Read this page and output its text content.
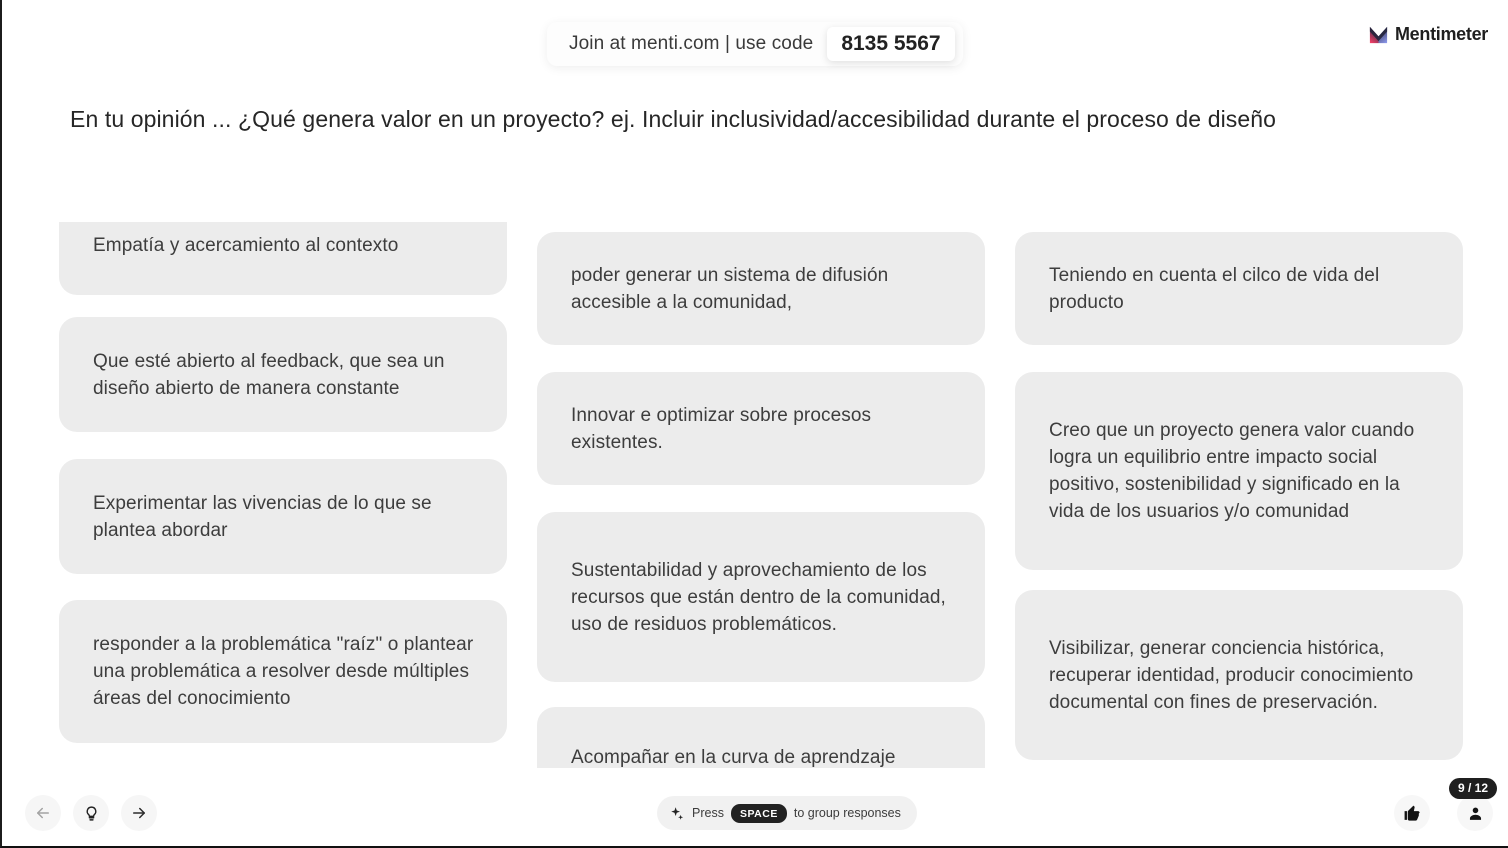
Join at menti.com | use code	8135 5567	Mentimeter
En tu opinión ... ¿Qué genera valor en un proyecto? ej. Incluir inclusividad/accesibilidad durante el proceso de diseño
Empatía y acercamiento al contexto
Que esté abierto al feedback, que sea un diseño abierto de manera constante
Experimentar las vivencias de lo que se plantea abordar
responder a la problemática "raíz" o plantear una problemática a resolver desde múltiples áreas del conocimiento
poder generar un sistema de difusión accesible a la comunidad,
Innovar e optimizar sobre procesos existentes.
Sustentabilidad y aprovechamiento de los recursos que están dentro de la comunidad, uso de residuos problemáticos.
Acompañar en la curva de aprendzaje
Teniendo en cuenta el cilco de vida del producto
Creo que un proyecto genera valor cuando logra un equilibrio entre impacto social positivo, sostenibilidad y significado en la vida de los usuarios y/o comunidad
Visibilizar, generar conciencia histórica, recuperar identidad, producir conocimiento documental con fines de preservación.
Press	SPACE	to group responses
9 / 12
